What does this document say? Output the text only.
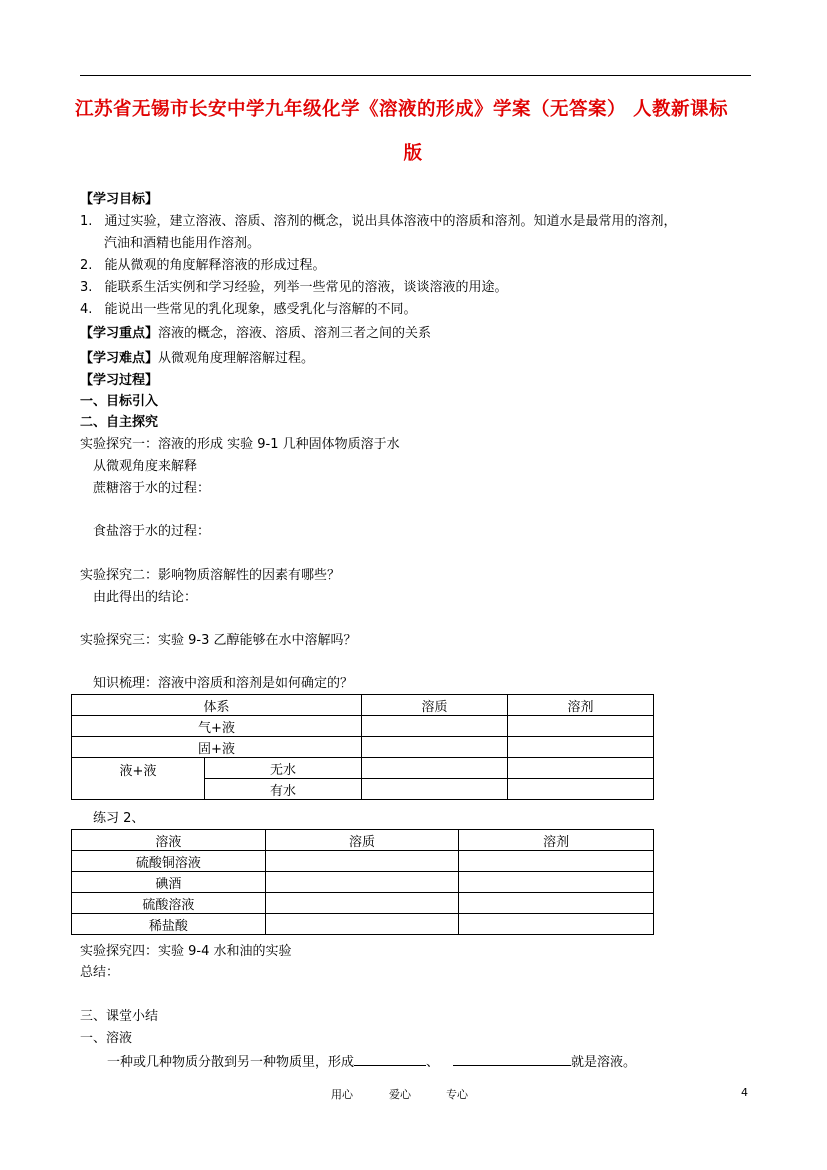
江苏省无锡市长安中学九年级化学《溶液的形成》学案（无答案） 人教新课标
版
【学习目标】
1. 通过实验，建立溶液、溶质、溶剂的概念，说出具体溶液中的溶质和溶剂。知道水是最常用的溶剂，
汽油和酒精也能用作溶剂。
2. 能从微观的角度解释溶液的形成过程。
3. 能联系生活实例和学习经验，列举一些常见的溶液，谈谈溶液的用途。
4. 能说出一些常见的乳化现象，感受乳化与溶解的不同。
【学习重点】溶液的概念，溶液、溶质、溶剂三者之间的关系
【学习难点】从微观角度理解溶解过程。
【学习过程】
一、目标引入
二、自主探究
实验探究一：溶液的形成 实验 9-1 几种固体物质溶于水
从微观角度来解释
蔗糖溶于水的过程：
食盐溶于水的过程：
实验探究二：影响物质溶解性的因素有哪些？
由此得出的结论：
实验探究三：实验 9-3 乙醇能够在水中溶解吗？
知识梳理：溶液中溶质和溶剂是如何确定的？
体系		溶质	溶剂
气+液			
固+液			
液+液	无水		
	有水		
练习 2、
溶液	溶质	溶剂
硫酸铜溶液		
碘酒		
硫酸溶液		
稀盐酸		
实验探究四：实验 9-4 水和油的实验
总结：
三、课堂小结
一、溶液
一种或几种物质分散到另一种物质里，形成	、	就是溶液。
用心	爱心	专心	4
